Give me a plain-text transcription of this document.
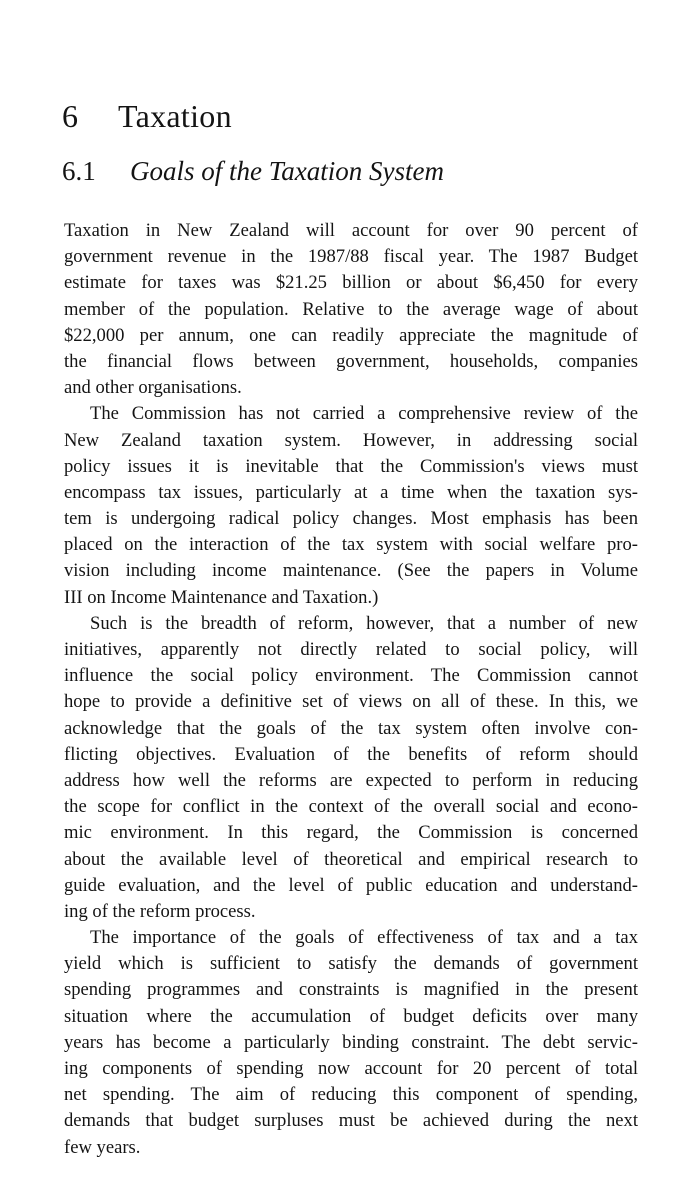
6 Taxation
6.1 Goals of the Taxation System
Taxation in New Zealand will account for over 90 percent of
government revenue in the 1987/88 fiscal year. The 1987 Budget
estimate for taxes was $21.25 billion or about $6,450 for every
member of the population. Relative to the average wage of about
$22,000 per annum, one can readily appreciate the magnitude of
the financial flows between government, households, companies
and other organisations.
The Commission has not carried a comprehensive review of the
New Zealand taxation system. However, in addressing social
policy issues it is inevitable that the Commission's views must
encompass tax issues, particularly at a time when the taxation sys-
tem is undergoing radical policy changes. Most emphasis has been
placed on the interaction of the tax system with social welfare pro-
vision including income maintenance. (See the papers in Volume
III on Income Maintenance and Taxation.)
Such is the breadth of reform, however, that a number of new
initiatives, apparently not directly related to social policy, will
influence the social policy environment. The Commission cannot
hope to provide a definitive set of views on all of these. In this, we
acknowledge that the goals of the tax system often involve con-
flicting objectives. Evaluation of the benefits of reform should
address how well the reforms are expected to perform in reducing
the scope for conflict in the context of the overall social and econo-
mic environment. In this regard, the Commission is concerned
about the available level of theoretical and empirical research to
guide evaluation, and the level of public education and understand-
ing of the reform process.
The importance of the goals of effectiveness of tax and a tax
yield which is sufficient to satisfy the demands of government
spending programmes and constraints is magnified in the present
situation where the accumulation of budget deficits over many
years has become a particularly binding constraint. The debt servic-
ing components of spending now account for 20 percent of total
net spending. The aim of reducing this component of spending,
demands that budget surpluses must be achieved during the next
few years.
